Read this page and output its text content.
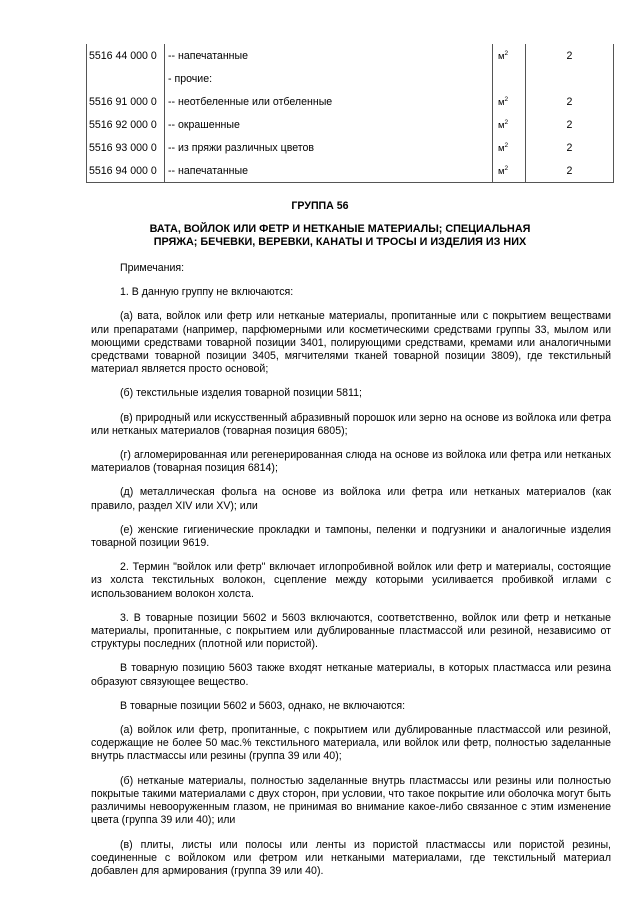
5516 44 000 0	-- напечатанные	$м^2$	2
	- прочие:		
5516 91 000 0	-- неотбеленные или отбеленные	$м^2$	2
5516 92 000 0	-- окрашенные	$м^2$	2
5516 93 000 0	-- из пряжи различных цветов	$м^2$	2
5516 94 000 0	-- напечатанные	$м^2$	2
ГРУППА 56
ВАТА, ВОЙЛОК ИЛИ ФЕТР И НЕТКАНЫЕ МАТЕРИАЛЫ; СПЕЦИАЛЬНАЯ ПРЯЖА; БЕЧЕВКИ, ВЕРЕВКИ, КАНАТЫ И ТРОСЫ И ИЗДЕЛИЯ ИЗ НИХ

Примечания:

1. В данную группу не включаются:

(а) вата, войлок или фетр или нетканые материалы, пропитанные или с покрытием веществами или препаратами (например, парфюмерными или косметическими средствами группы 33, мылом или моющими средствами товарной позиции 3401, полирующими средствами, кремами или аналогичными средствами товарной позиции 3405, мягчителями тканей товарной позиции 3809), где текстильный материал является просто основой;

(б) текстильные изделия товарной позиции 5811;

(в) природный или искусственный абразивный порошок или зерно на основе из войлока или фетра или нетканых материалов (товарная позиция 6805);

(г) агломерированная или регенерированная слюда на основе из войлока или фетра или нетканых материалов (товарная позиция 6814);

(д) металлическая фольга на основе из войлока или фетра или нетканых материалов (как правило, раздел XIV или XV); или

(е) женские гигиенические прокладки и тампоны, пеленки и подгузники и аналогичные изделия товарной позиции 9619.

2. Термин "войлок или фетр" включает иглопробивной войлок или фетр и материалы, состоящие из холста текстильных волокон, сцепление между которыми усиливается пробивкой иглами с использованием волокон холста.

3. В товарные позиции 5602 и 5603 включаются, соответственно, войлок или фетр и нетканые материалы, пропитанные, с покрытием или дублированные пластмассой или резиной, независимо от структуры последних (плотной или пористой).

В товарную позицию 5603 также входят нетканые материалы, в которых пластмасса или резина образуют связующее вещество.

В товарные позиции 5602 и 5603, однако, не включаются:

(а) войлок или фетр, пропитанные, с покрытием или дублированные пластмассой или резиной, содержащие не более 50 мас.% текстильного материала, или войлок или фетр, полностью заделанные внутрь пластмассы или резины (группа 39 или 40);

(б) нетканые материалы, полностью заделанные внутрь пластмассы или резины или полностью покрытые такими материалами с двух сторон, при условии, что такое покрытие или оболочка могут быть различимы невооруженным глазом, не принимая во внимание какое-либо связанное с этим изменение цвета (группа 39 или 40); или

(в) плиты, листы или полосы или ленты из пористой пластмассы или пористой резины, соединенные с войлоком или фетром или неткаными материалами, где текстильный материал добавлен для армирования (группа 39 или 40).
